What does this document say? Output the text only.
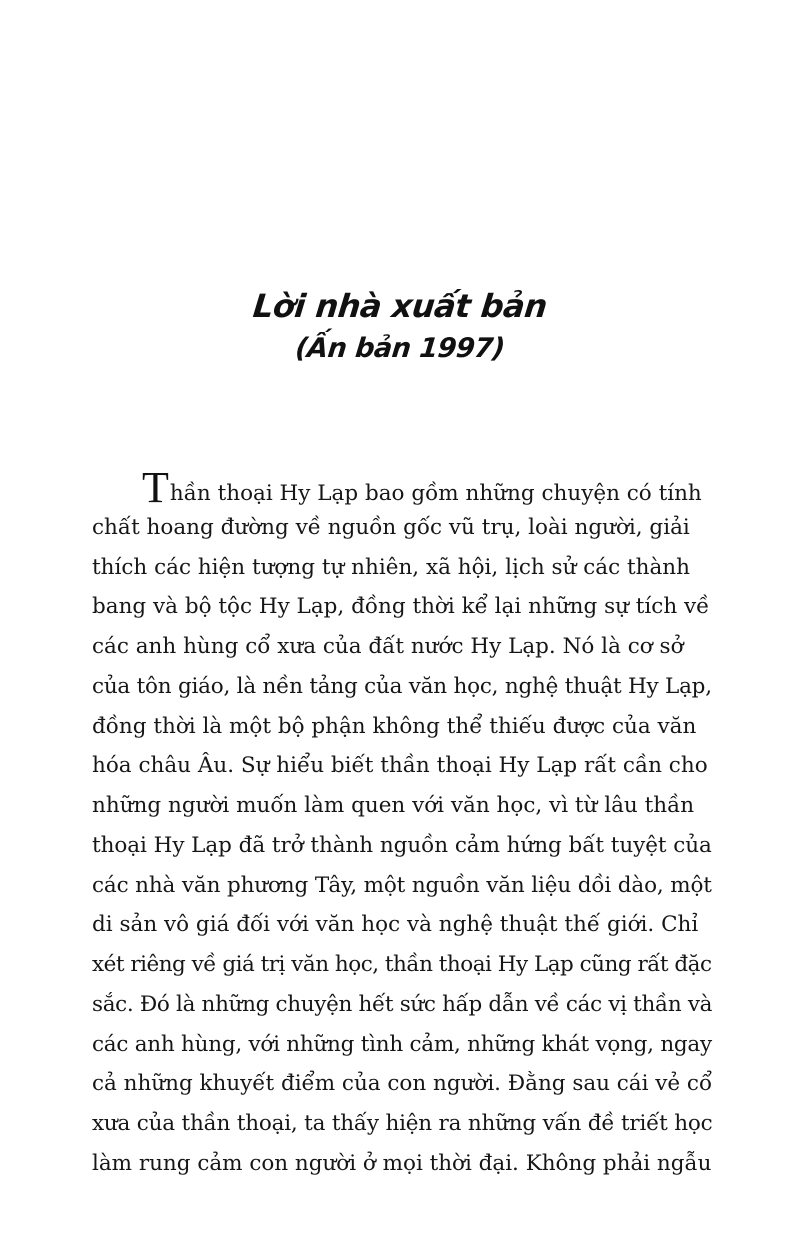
Lời nhà xuất bản
(Ấn bản 1997)
Thần thoại Hy Lạp bao gồm những chuyện có tính
chất hoang đường về nguồn gốc vũ trụ, loài người, giải
thích các hiện tượng tự nhiên, xã hội, lịch sử các thành
bang và bộ tộc Hy Lạp, đồng thời kể lại những sự tích về
các anh hùng cổ xưa của đất nước Hy Lạp. Nó là cơ sở
của tôn giáo, là nền tảng của văn học, nghệ thuật Hy Lạp,
đồng thời là một bộ phận không thể thiếu được của văn
hóa châu Âu. Sự hiểu biết thần thoại Hy Lạp rất cần cho
những người muốn làm quen với văn học, vì từ lâu thần
thoại Hy Lạp đã trở thành nguồn cảm hứng bất tuyệt của
các nhà văn phương Tây, một nguồn văn liệu dồi dào, một
di sản vô giá đối với văn học và nghệ thuật thế giới. Chỉ
xét riêng về giá trị văn học, thần thoại Hy Lạp cũng rất đặc
sắc. Đó là những chuyện hết sức hấp dẫn về các vị thần và
các anh hùng, với những tình cảm, những khát vọng, ngay
cả những khuyết điểm của con người. Đằng sau cái vẻ cổ
xưa của thần thoại, ta thấy hiện ra những vấn đề triết học
làm rung cảm con người ở mọi thời đại. Không phải ngẫu
